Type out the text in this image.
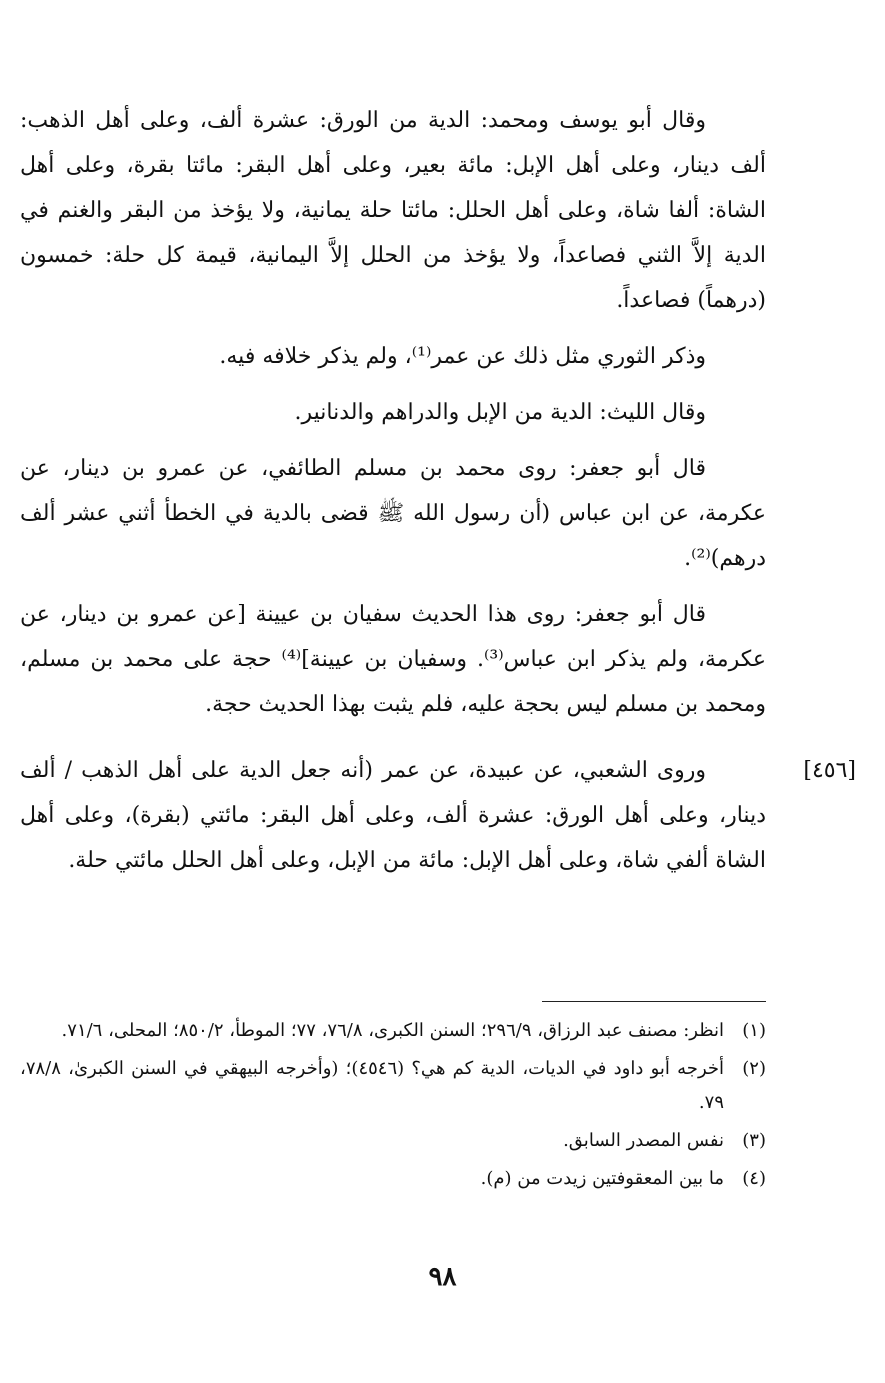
وقال أبو يوسف ومحمد: الدية من الورق: عشرة ألف، وعلى أهل الذهب: ألف دينار، وعلى أهل الإبل: مائة بعير، وعلى أهل البقر: مائتا بقرة، وعلى أهل الشاة: ألفا شاة، وعلى أهل الحلل: مائتا حلة يمانية، ولا يؤخذ من البقر والغنم في الدية إلاَّ الثني فصاعداً، ولا يؤخذ من الحلل إلاَّ اليمانية، قيمة كل حلة: خمسون (درهماً) فصاعداً.

وذكر الثوري مثل ذلك عن عمر⁽¹⁾، ولم يذكر خلافه فيه.

وقال الليث: الدية من الإبل والدراهم والدنانير.

قال أبو جعفر: روى محمد بن مسلم الطائفي، عن عمرو بن دينار، عن عكرمة، عن ابن عباس (أن رسول الله ﷺ قضى بالدية في الخطأ أثني عشر ألف درهم)⁽²⁾.

قال أبو جعفر: روى هذا الحديث سفيان بن عيينة [عن عمرو بن دينار، عن عكرمة، ولم يذكر ابن عباس⁽³⁾. وسفيان بن عيينة]⁽⁴⁾ حجة على محمد بن مسلم، ومحمد بن مسلم ليس بحجة عليه، فلم يثبت بهذا الحديث حجة.

[٤٥٦]

وروى الشعبي، عن عبيدة، عن عمر (أنه جعل الدية على أهل الذهب / ألف دينار، وعلى أهل الورق: عشرة ألف، وعلى أهل البقر: مائتي (بقرة)، وعلى أهل الشاة ألفي شاة، وعلى أهل الإبل: مائة من الإبل، وعلى أهل الحلل مائتي حلة.

(١)
انظر: مصنف عبد الرزاق، ٢٩٦/٩؛ السنن الكبرى، ٧٦/٨، ٧٧؛ الموطأ، ٨٥٠/٢؛ المحلى، ٧١/٦.
(٢)
أخرجه أبو داود في الديات، الدية كم هي؟ (٤٥٤٦)؛ (وأخرجه البيهقي في السنن الكبرىٰ، ٧٨/٨، ٧٩.
(٣)
نفس المصدر السابق.
(٤)
ما بين المعقوفتين زيدت من (م).
٩٨
